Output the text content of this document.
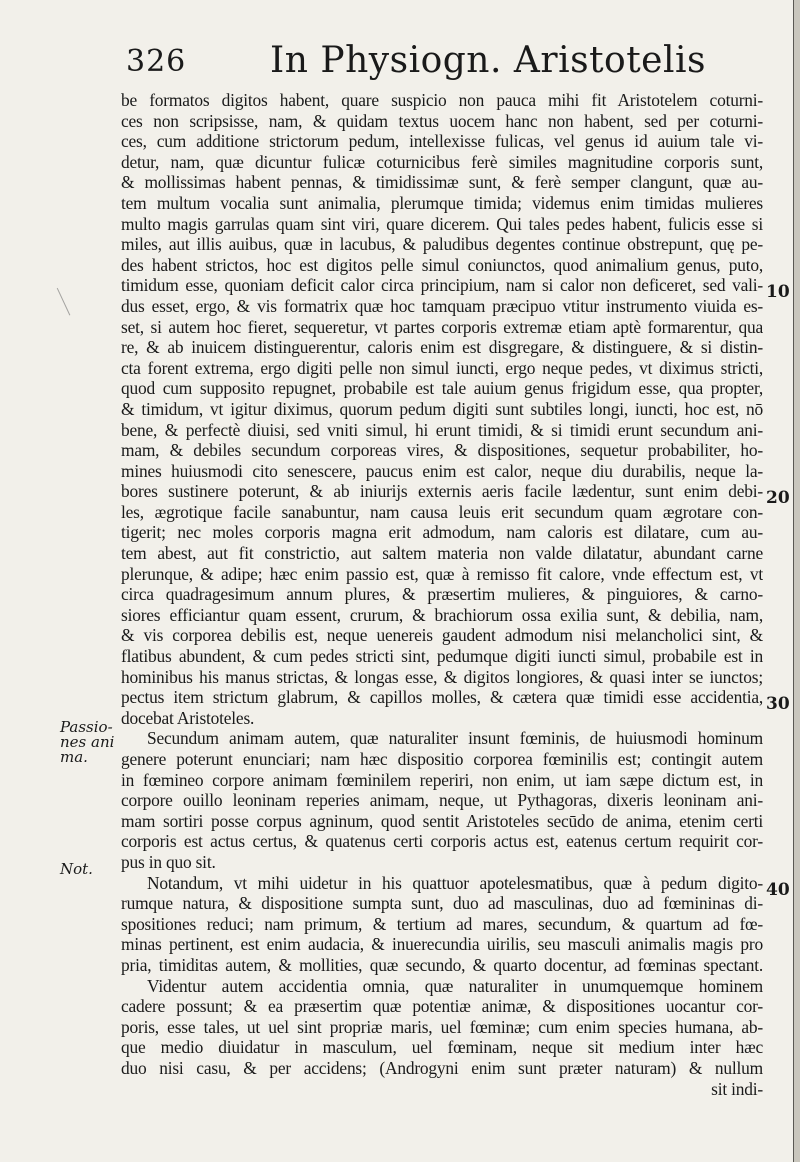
326 In Physiogn. Aristotelis
Passio-
nes ani
ma.
Not.
10
20
30
40
be formatos digitos habent, quare suspicio non pauca mihi fit Aristotelem coturni-
ces non scripsisse, nam, & quidam textus uocem hanc non habent, sed per coturni-
ces, cum additione strictorum pedum, intellexisse fulicas, vel genus id auium tale vi-
detur, nam, quæ dicuntur fulicæ coturnicibus ferè similes magnitudine corporis sunt,
& mollissimas habent pennas, & timidissimæ sunt, & ferè semper clangunt, quæ au-
tem multum vocalia sunt animalia, plerumque timida; videmus enim timidas mulieres
multo magis garrulas quam sint viri, quare dicerem. Qui tales pedes habent, fulicis esse si
miles, aut illis auibus, quæ in lacubus, & paludibus degentes continue obstrepunt, quę pe-
des habent strictos, hoc est digitos pelle simul coniunctos, quod animalium genus, puto,
timidum esse, quoniam deficit calor circa principium, nam si calor non deficeret, sed vali-
dus esset, ergo, & vis formatrix quæ hoc tamquam præcipuo vtitur instrumento viuida es-
set, si autem hoc fieret, sequeretur, vt partes corporis extremæ etiam aptè formarentur, qua
re, & ab inuicem distinguerentur, caloris enim est disgregare, & distinguere, & si distin-
cta forent extrema, ergo digiti pelle non simul iuncti, ergo neque pedes, vt diximus stricti,
quod cum supposito repugnet, probabile est tale auium genus frigidum esse, qua propter,
& timidum, vt igitur diximus, quorum pedum digiti sunt subtiles longi, iuncti, hoc est, nō
bene, & perfectè diuisi, sed vniti simul, hi erunt timidi, & si timidi erunt secundum ani-
mam, & debiles secundum corporeas vires, & dispositiones, sequetur probabiliter, ho-
mines huiusmodi cito senescere, paucus enim est calor, neque diu durabilis, neque la-
bores sustinere poterunt, & ab iniurijs externis aeris facile lædentur, sunt enim debi-
les, ægrotique facile sanabuntur, nam causa leuis erit secundum quam ægrotare con-
tigerit; nec moles corporis magna erit admodum, nam caloris est dilatare, cum au-
tem abest, aut fit constrictio, aut saltem materia non valde dilatatur, abundant carne
plerunque, & adipe; hæc enim passio est, quæ à remisso fit calore, vnde effectum est, vt
circa quadragesimum annum plures, & præsertim mulieres, & pinguiores, & carno-
siores efficiantur quam essent, crurum, & brachiorum ossa exilia sunt, & debilia, nam,
& vis corporea debilis est, neque uenereis gaudent admodum nisi melancholici sint, &
flatibus abundent, & cum pedes stricti sint, pedumque digiti iuncti simul, probabile est in
hominibus his manus strictas, & longas esse, & digitos longiores, & quasi inter se iunctos;
pectus item strictum glabrum, & capillos molles, & cætera quæ timidi esse accidentia,
docebat Aristoteles.
Secundum animam autem, quæ naturaliter insunt fœminis, de huiusmodi hominum
genere poterunt enunciari; nam hæc dispositio corporea fœminilis est; contingit autem
in fœmineo corpore animam fœminilem reperiri, non enim, ut iam sæpe dictum est, in
corpore ouillo leoninam reperies animam, neque, ut Pythagoras, dixeris leoninam ani-
mam sortiri posse corpus agninum, quod sentit Aristoteles secūdo de anima, etenim certi
corporis est actus certus, & quatenus certi corporis actus est, eatenus certum requirit cor-
pus in quo sit.
Notandum, vt mihi uidetur in his quattuor apotelesmatibus, quæ à pedum digito-
rumque natura, & dispositione sumpta sunt, duo ad masculinas, duo ad fœmininas di-
spositiones reduci; nam primum, & tertium ad mares, secundum, & quartum ad fœ-
minas pertinent, est enim audacia, & inuerecundia uirilis, seu masculi animalis magis pro
pria, timiditas autem, & mollities, quæ secundo, & quarto docentur, ad fœminas spectant.
Videntur autem accidentia omnia, quæ naturaliter in unumquemque hominem
cadere possunt; & ea præsertim quæ potentiæ animæ, & dispositiones uocantur cor-
poris, esse tales, ut uel sint propriæ maris, uel fœminæ; cum enim species humana, ab-
que medio diuidatur in masculum, uel fœminam, neque sit medium inter hæc
duo nisi casu, & per accidens; (Androgyni enim sunt præter naturam) & nullum
sit indi-
